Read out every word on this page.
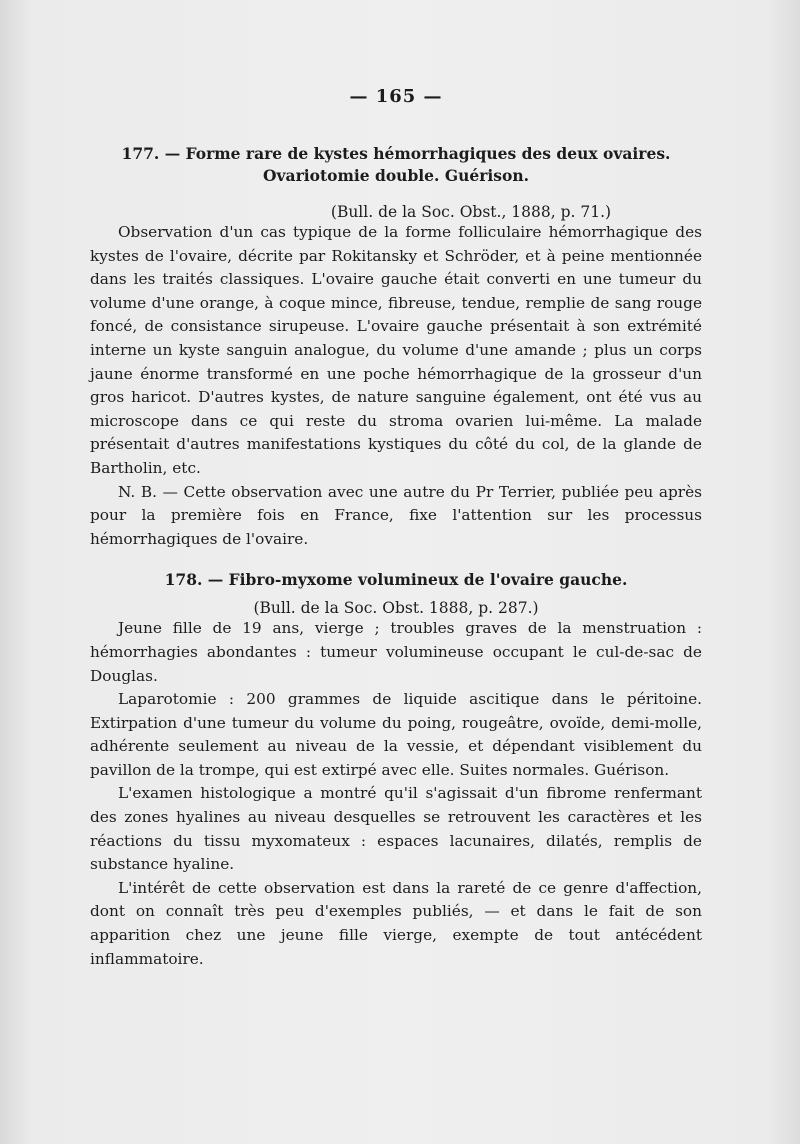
— 165 —
177. — Forme rare de kystes hémorrhagiques des deux ovaires. Ovariotomie double. Guérison.
(Bull. de la Soc. Obst., 1888, p. 71.)

Observation d'un cas typique de la forme folliculaire hémorrhagique des kystes de l'ovaire, décrite par Rokitansky et Schröder, et à peine mentionnée dans les traités classiques. L'ovaire gauche était converti en une tumeur du volume d'une orange, à coque mince, fibreuse, tendue, remplie de sang rouge foncé, de consistance sirupeuse. L'ovaire gauche présentait à son extrémité interne un kyste sanguin analogue, du volume d'une amande ; plus un corps jaune énorme transformé en une poche hémorrhagique de la grosseur d'un gros haricot. D'autres kystes, de nature sanguine également, ont été vus au microscope dans ce qui reste du stroma ovarien lui-même. La malade présentait d'autres manifestations kystiques du côté du col, de la glande de Bartholin, etc.

N. B. — Cette observation avec une autre du Pr Terrier, publiée peu après pour la première fois en France, fixe l'attention sur les processus hémorrhagiques de l'ovaire.

178. — Fibro-myxome volumineux de l'ovaire gauche.
(Bull. de la Soc. Obst. 1888, p. 287.)

Jeune fille de 19 ans, vierge ; troubles graves de la menstruation : hémorrhagies abondantes : tumeur volumineuse occupant le cul-de-sac de Douglas.

Laparotomie : 200 grammes de liquide ascitique dans le péritoine. Extirpation d'une tumeur du volume du poing, rougeâtre, ovoïde, demi-molle, adhérente seulement au niveau de la vessie, et dépendant visiblement du pavillon de la trompe, qui est extirpé avec elle. Suites normales. Guérison.

L'examen histologique a montré qu'il s'agissait d'un fibrome renfermant des zones hyalines au niveau desquelles se retrouvent les caractères et les réactions du tissu myxomateux : espaces lacunaires, dilatés, remplis de substance hyaline.

L'intérêt de cette observation est dans la rareté de ce genre d'affection, dont on connaît très peu d'exemples publiés, — et dans le fait de son apparition chez une jeune fille vierge, exempte de tout antécédent inflammatoire.
